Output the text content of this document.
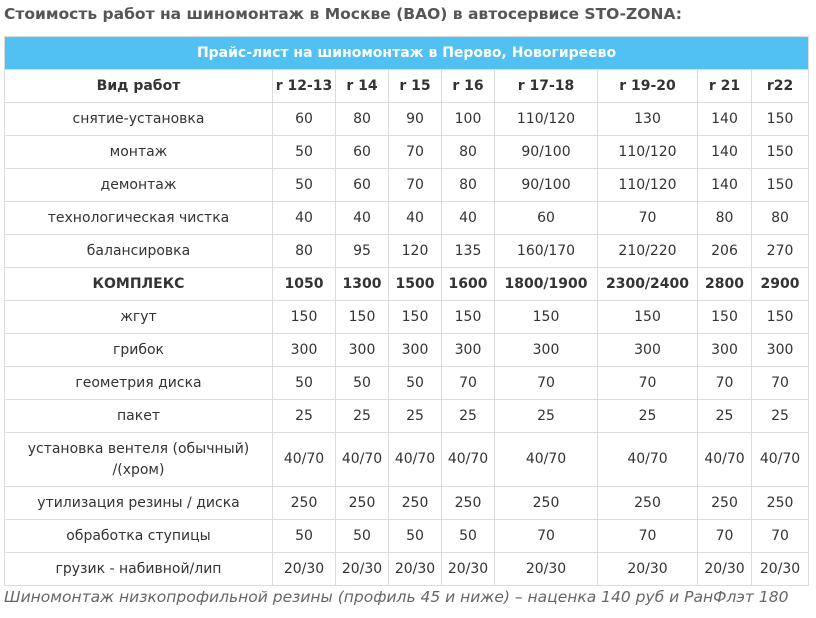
Стоимость работ на шиномонтаж в Москве (ВАО) в автосервисе STO-ZONA:
Прайс-лист на шиномонтаж в Перово, Новогиреево								
Вид работ	r 12-13	r 14	r 15	r 16	r 17-18	r 19-20	r 21	r22
снятие-установка	60	80	90	100	110/120	130	140	150
монтаж	50	60	70	80	90/100	110/120	140	150
демонтаж	50	60	70	80	90/100	110/120	140	150
технологическая чистка	40	40	40	40	60	70	80	80
балансировка	80	95	120	135	160/170	210/220	206	270
КОМПЛЕКС	1050	1300	1500	1600	1800/1900	2300/2400	2800	2900
жгут	150	150	150	150	150	150	150	150
грибок	300	300	300	300	300	300	300	300
геометрия диска	50	50	50	70	70	70	70	70
пакет	25	25	25	25	25	25	25	25
установка вентеля (обычный) /(хром)	40/70	40/70	40/70	40/70	40/70	40/70	40/70	40/70
утилизация резины / диска	250	250	250	250	250	250	250	250
обработка ступицы	50	50	50	50	70	70	70	70
грузик - набивной/лип	20/30	20/30	20/30	20/30	20/30	20/30	20/30	20/30

Шиномонтаж низкопрофильной резины (профиль 45 и ниже) – наценка 140 руб и РанФлэт 180
